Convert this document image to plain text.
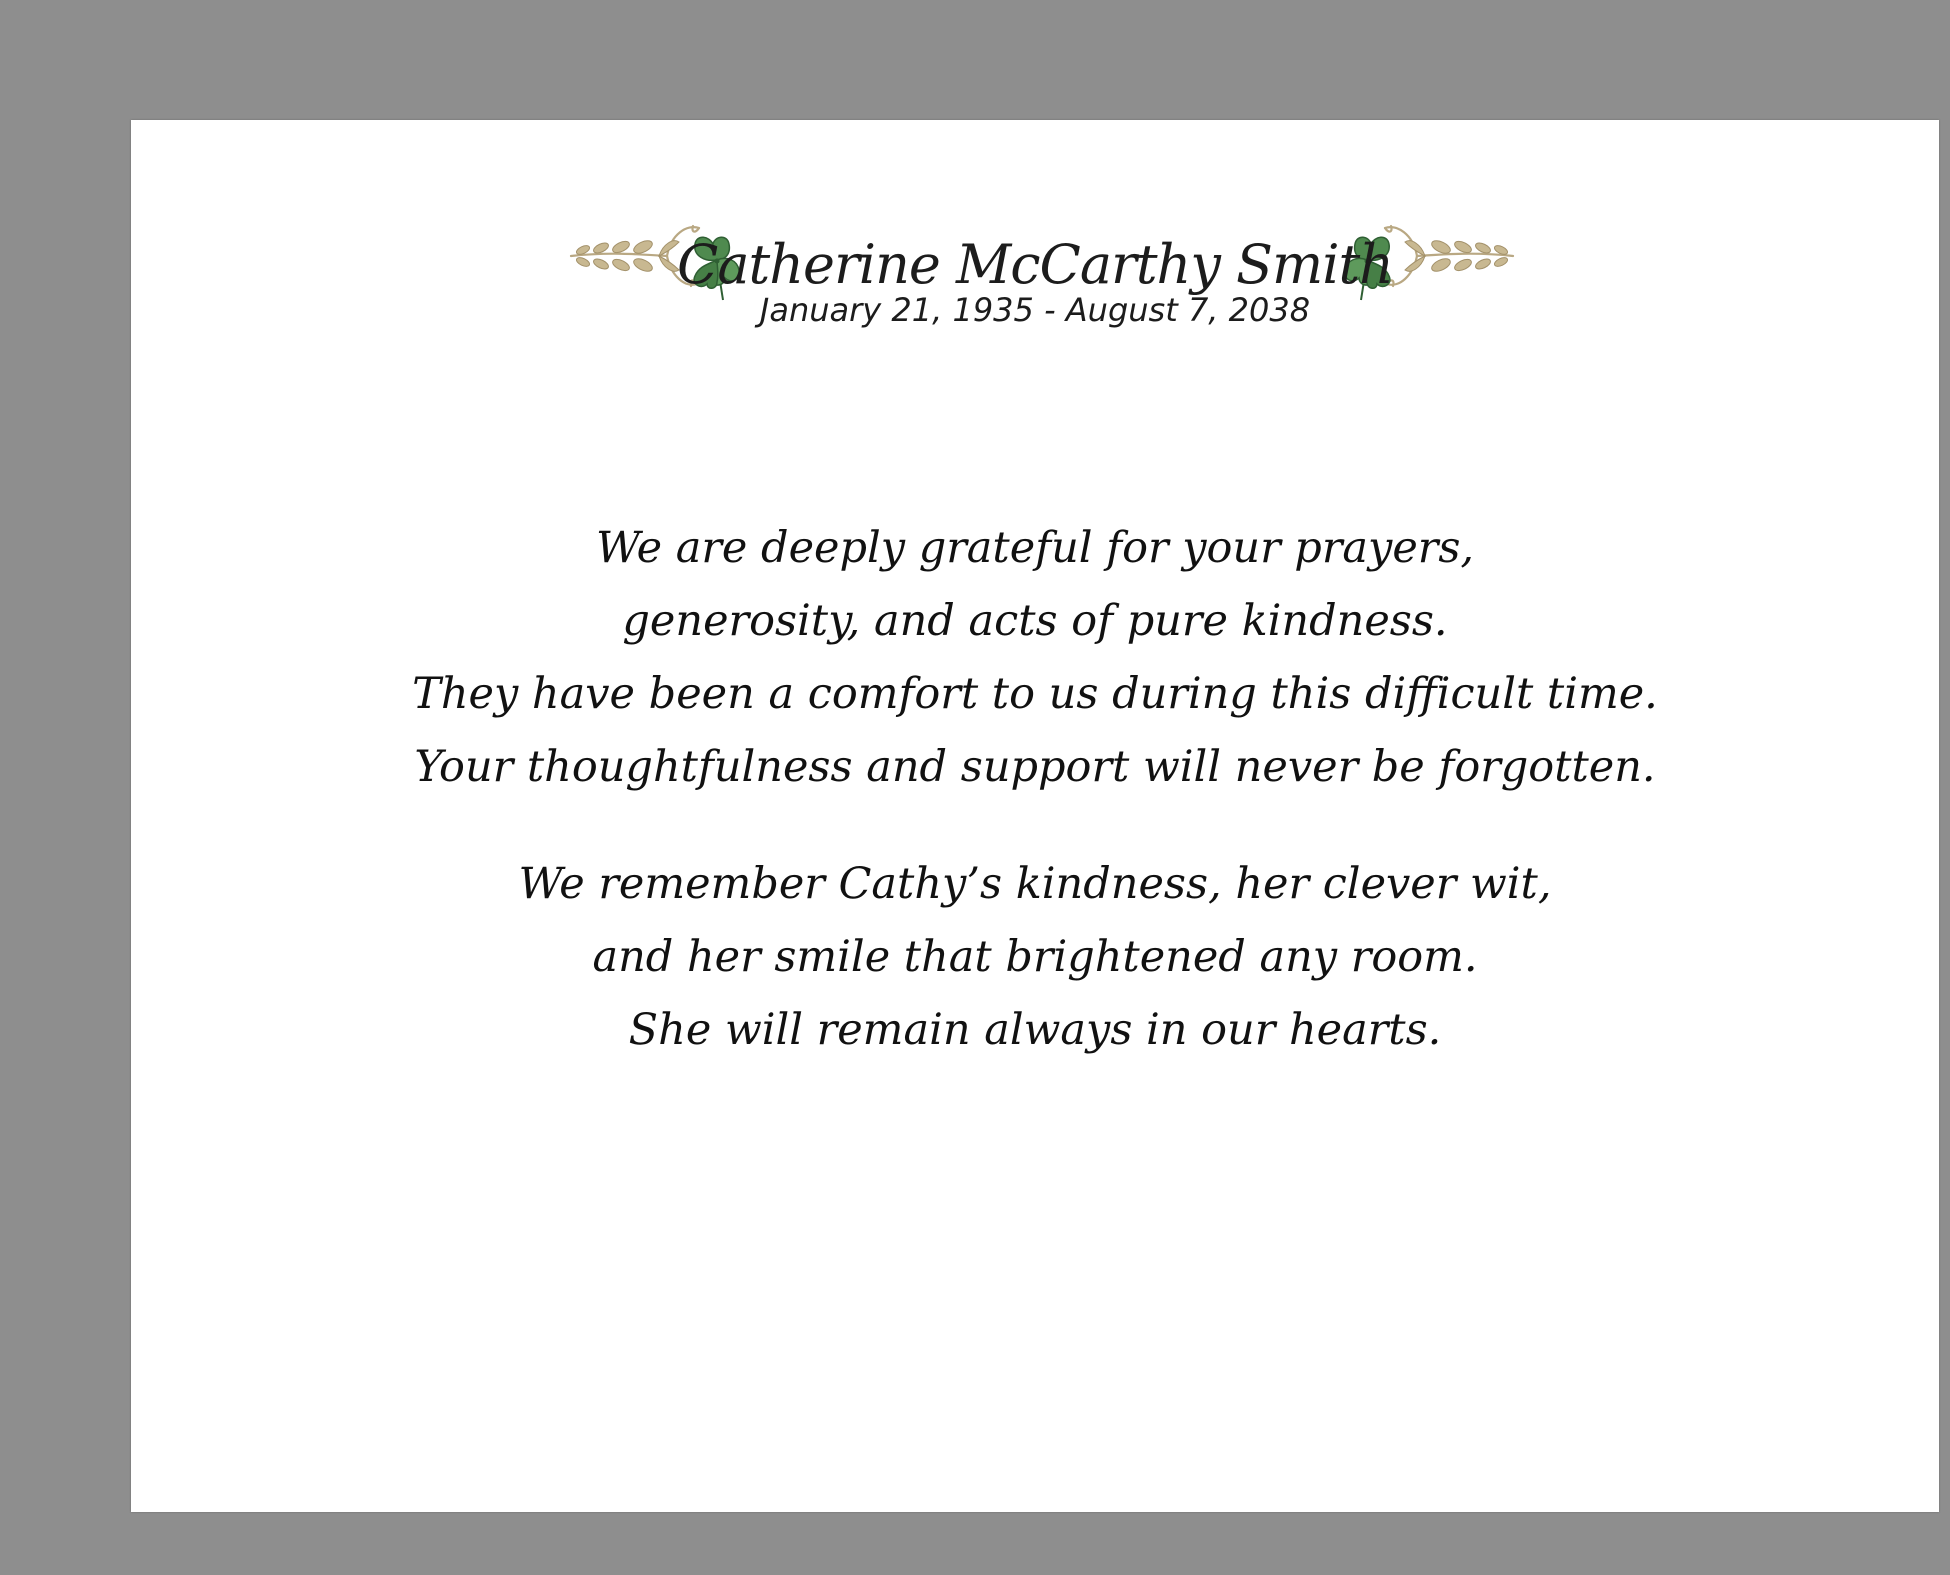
Catherine McCarthy Smith
January 21, 1935 - August 7, 2038
We are deeply grateful for your prayers,
generosity, and acts of pure kindness.
They have been a comfort to us during this difficult time.
Your thoughtfulness and support will never be forgotten.
We remember Cathy’s kindness, her clever wit,
and her smile that brightened any room.
She will remain always in our hearts.
